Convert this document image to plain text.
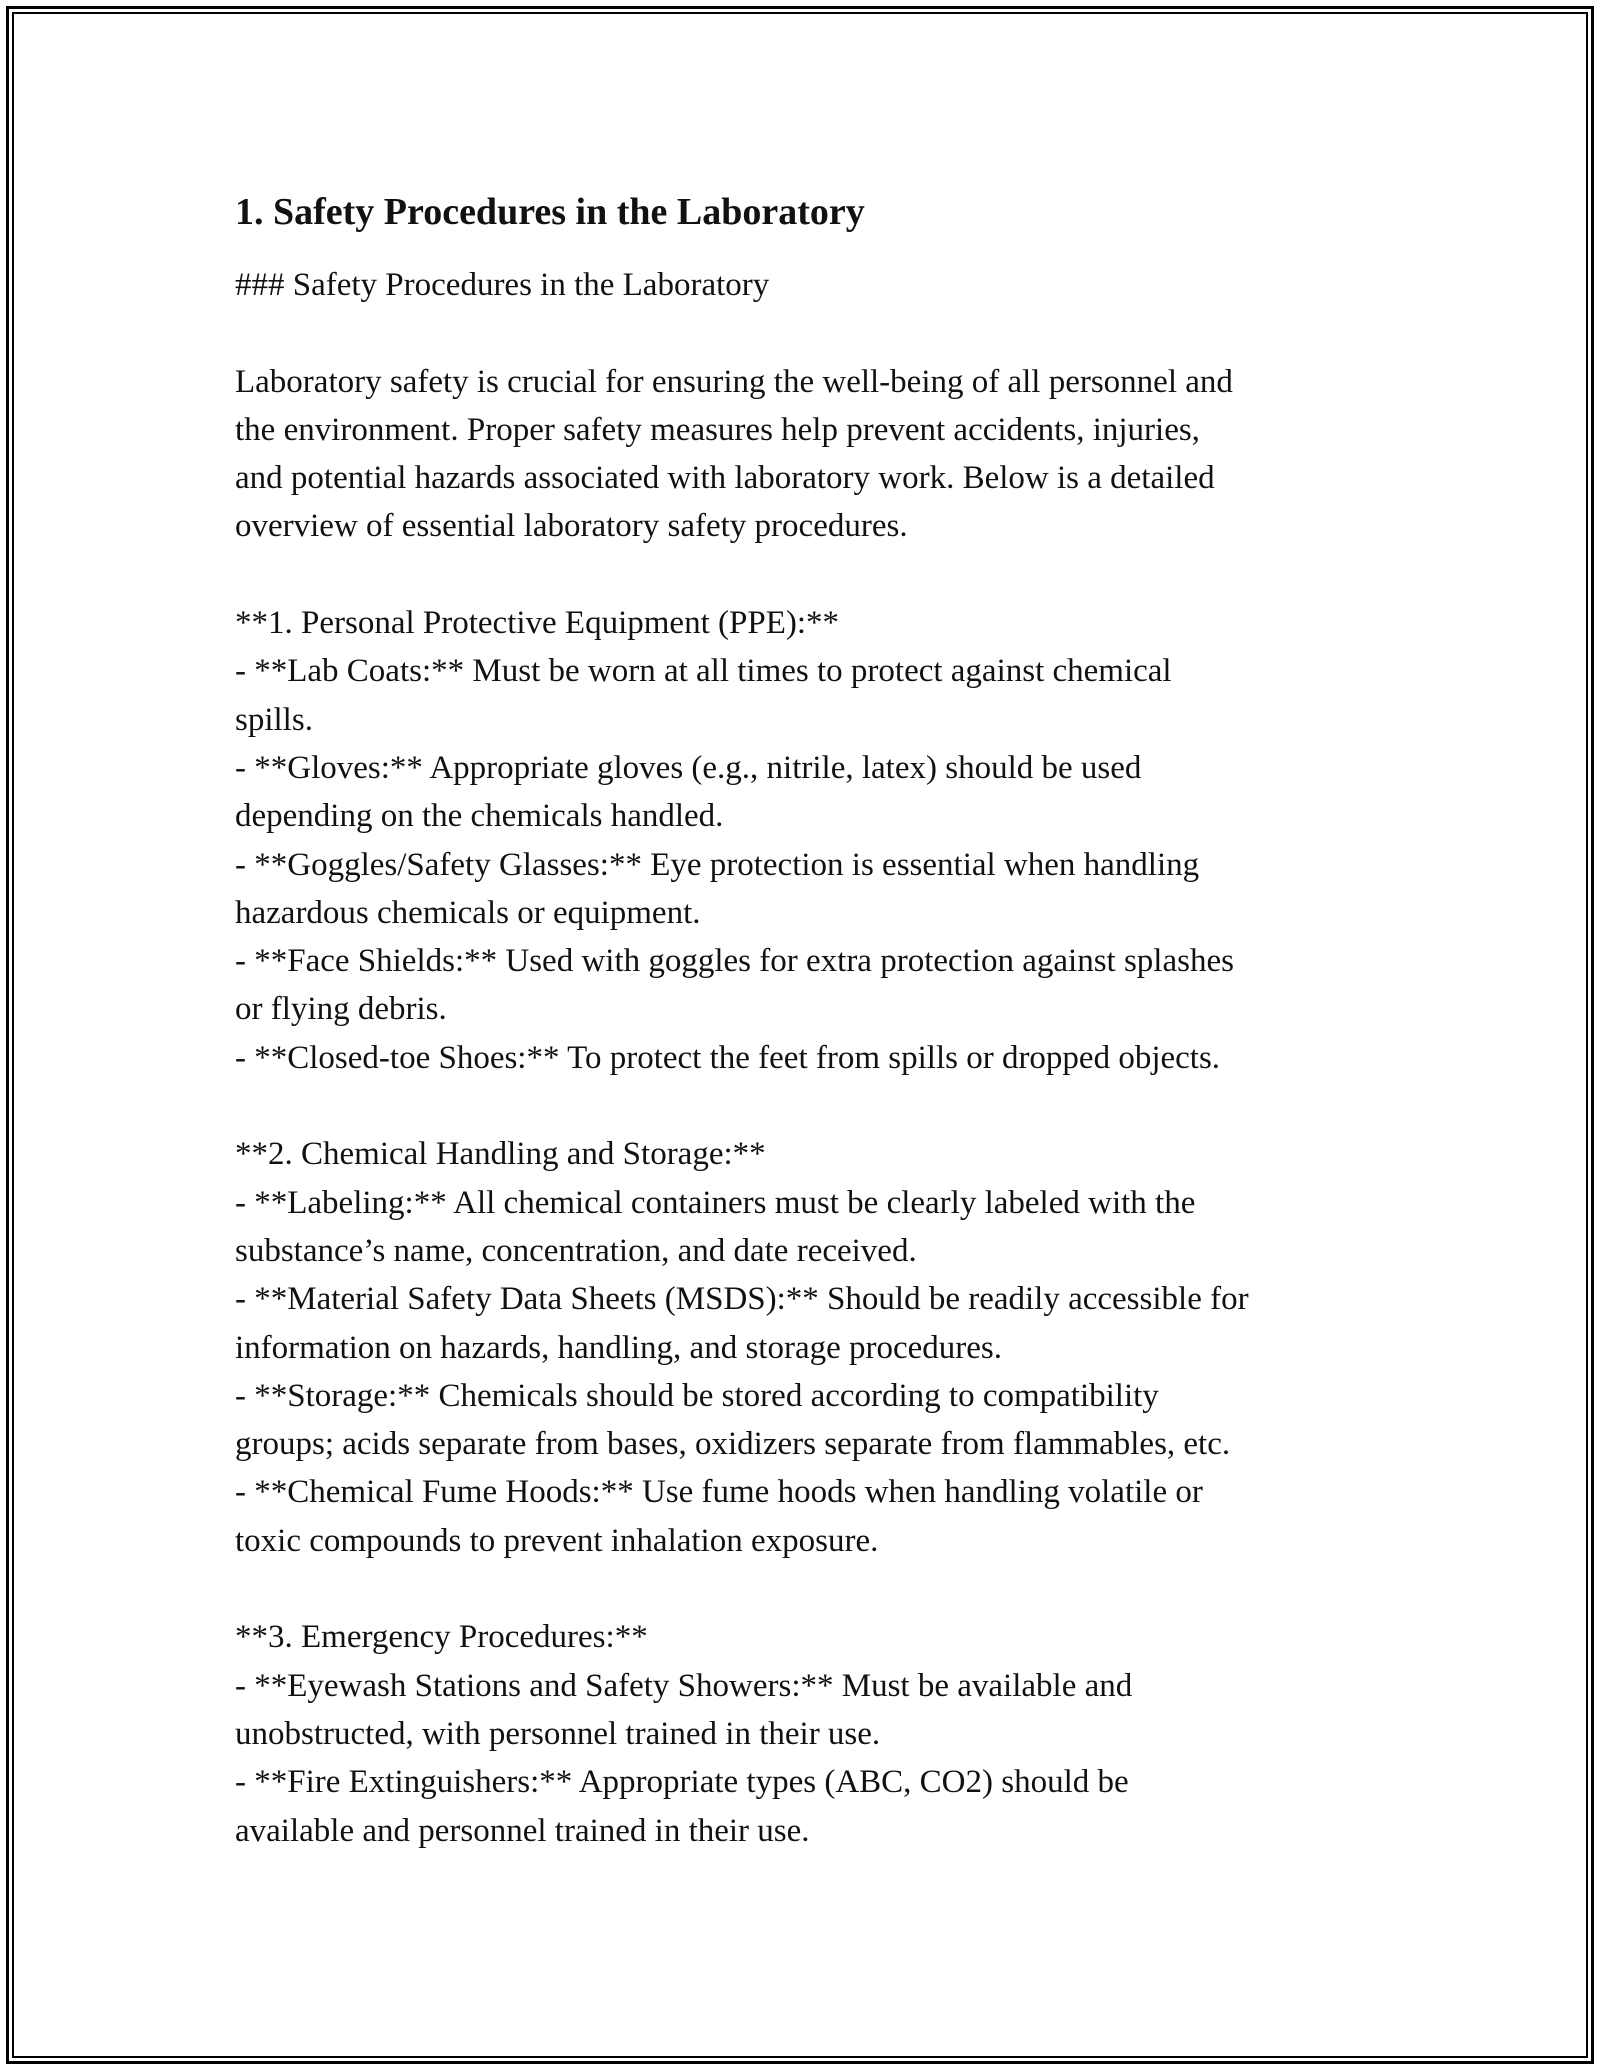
1. Safety Procedures in the Laboratory
### Safety Procedures in the Laboratory
Laboratory safety is crucial for ensuring the well-being of all personnel and
the environment. Proper safety measures help prevent accidents, injuries,
and potential hazards associated with laboratory work. Below is a detailed
overview of essential laboratory safety procedures.
**1. Personal Protective Equipment (PPE):**
- **Lab Coats:** Must be worn at all times to protect against chemical
spills.
- **Gloves:** Appropriate gloves (e.g., nitrile, latex) should be used
depending on the chemicals handled.
- **Goggles/Safety Glasses:** Eye protection is essential when handling
hazardous chemicals or equipment.
- **Face Shields:** Used with goggles for extra protection against splashes
or flying debris.
- **Closed-toe Shoes:** To protect the feet from spills or dropped objects.
**2. Chemical Handling and Storage:**
- **Labeling:** All chemical containers must be clearly labeled with the
substance’s name, concentration, and date received.
- **Material Safety Data Sheets (MSDS):** Should be readily accessible for
information on hazards, handling, and storage procedures.
- **Storage:** Chemicals should be stored according to compatibility
groups; acids separate from bases, oxidizers separate from flammables, etc.
- **Chemical Fume Hoods:** Use fume hoods when handling volatile or
toxic compounds to prevent inhalation exposure.
**3. Emergency Procedures:**
- **Eyewash Stations and Safety Showers:** Must be available and
unobstructed, with personnel trained in their use.
- **Fire Extinguishers:** Appropriate types (ABC, CO2) should be
available and personnel trained in their use.
